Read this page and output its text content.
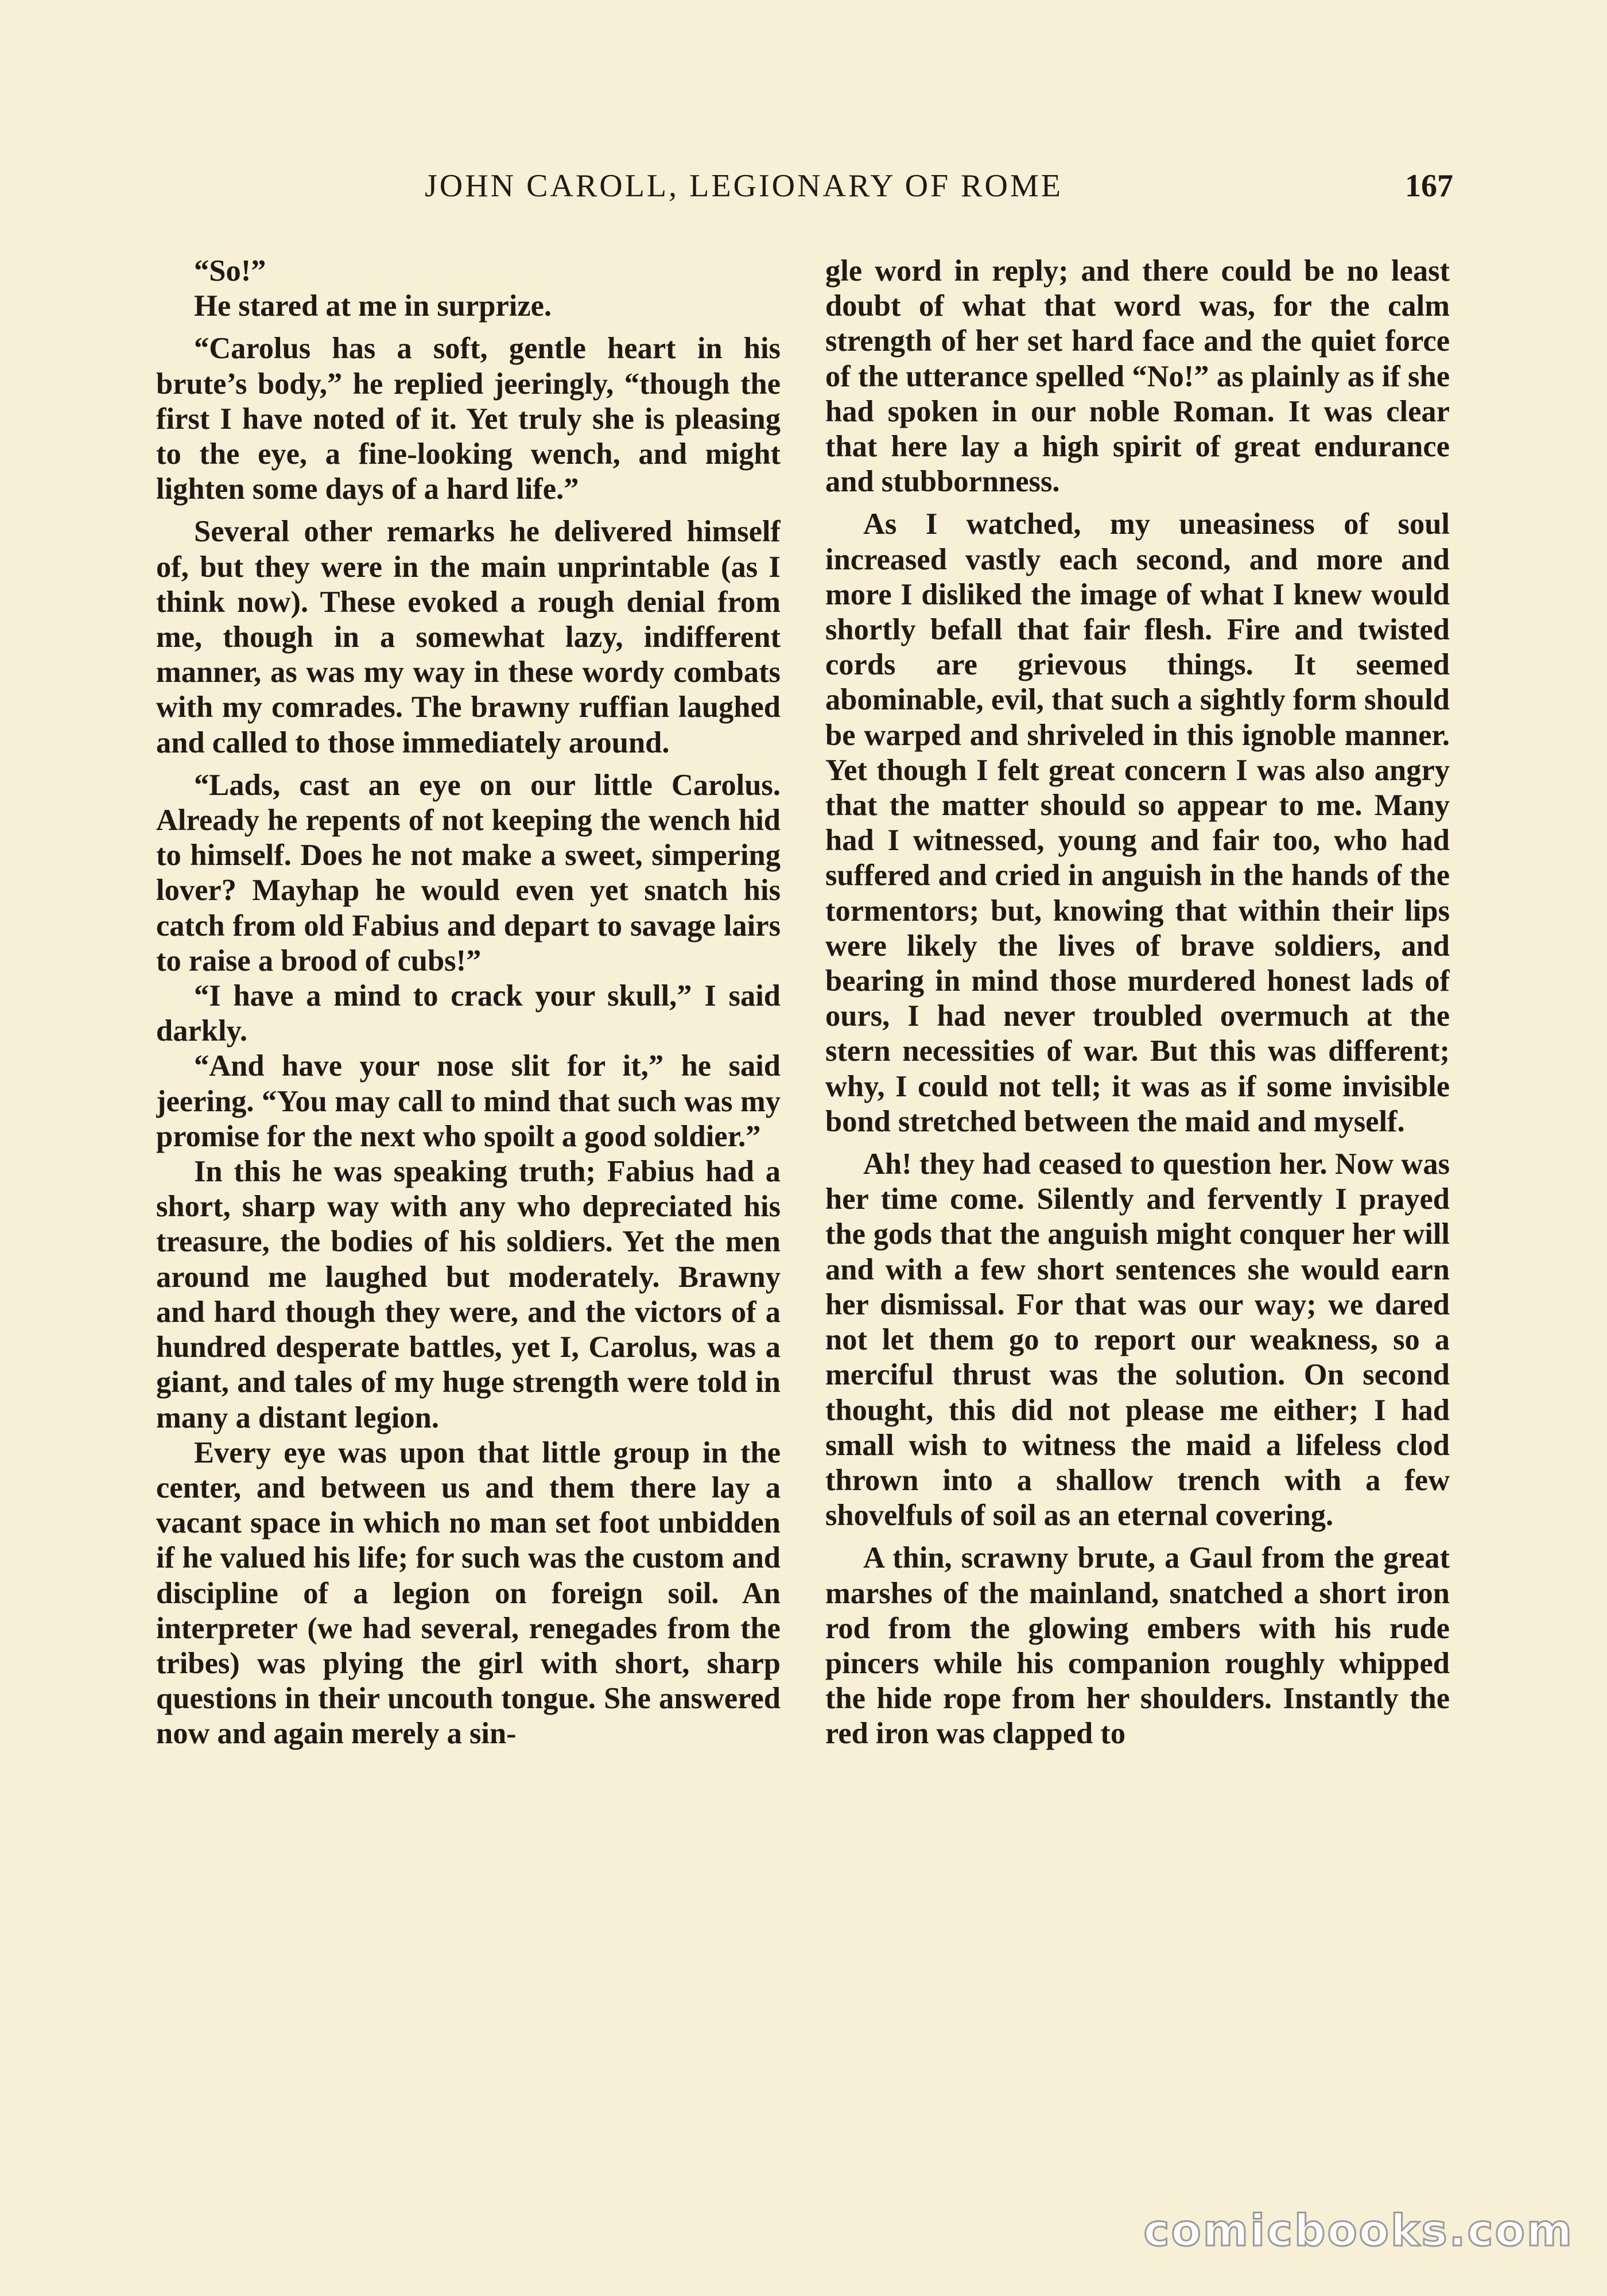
JOHN CAROLL, LEGIONARY OF ROME	167

“So!”

He stared at me in surprize.

“Carolus has a soft, gentle heart in his brute’s body,” he replied jeeringly, “though the first I have noted of it. Yet truly she is pleasing to the eye, a fine-looking wench, and might lighten some days of a hard life.”

Several other remarks he delivered himself of, but they were in the main unprintable (as I think now). These evoked a rough denial from me, though in a somewhat lazy, indifferent manner, as was my way in these wordy combats with my comrades. The brawny ruffian laughed and called to those immediately around.

“Lads, cast an eye on our little Carolus. Already he repents of not keeping the wench hid to himself. Does he not make a sweet, simpering lover? Mayhap he would even yet snatch his catch from old Fabius and depart to savage lairs to raise a brood of cubs!”

“I have a mind to crack your skull,” I said darkly.

“And have your nose slit for it,” he said jeering. “You may call to mind that such was my promise for the next who spoilt a good soldier.”

In this he was speaking truth; Fabius had a short, sharp way with any who depreciated his treasure, the bodies of his soldiers. Yet the men around me laughed but moderately. Brawny and hard though they were, and the victors of a hundred desperate battles, yet I, Carolus, was a giant, and tales of my huge strength were told in many a distant legion.

Every eye was upon that little group in the center, and between us and them there lay a vacant space in which no man set foot unbidden if he valued his life; for such was the custom and discipline of a legion on foreign soil. An interpreter (we had several, renegades from the tribes) was plying the girl with short, sharp questions in their uncouth tongue. She answered now and again merely a sin-

gle word in reply; and there could be no least doubt of what that word was, for the calm strength of her set hard face and the quiet force of the utterance spelled “No!” as plainly as if she had spoken in our noble Roman. It was clear that here lay a high spirit of great endurance and stubbornness.

As I watched, my uneasiness of soul increased vastly each second, and more and more I disliked the image of what I knew would shortly befall that fair flesh. Fire and twisted cords are grievous things. It seemed abominable, evil, that such a sightly form should be warped and shriveled in this ignoble manner. Yet though I felt great concern I was also angry that the matter should so appear to me. Many had I witnessed, young and fair too, who had suffered and cried in anguish in the hands of the tormentors; but, knowing that within their lips were likely the lives of brave soldiers, and bearing in mind those murdered honest lads of ours, I had never troubled overmuch at the stern necessities of war. But this was different; why, I could not tell; it was as if some invisible bond stretched between the maid and myself.

Ah! they had ceased to question her. Now was her time come. Silently and fervently I prayed the gods that the anguish might conquer her will and with a few short sentences she would earn her dismissal. For that was our way; we dared not let them go to report our weakness, so a merciful thrust was the solution. On second thought, this did not please me either; I had small wish to witness the maid a lifeless clod thrown into a shallow trench with a few shovelfuls of soil as an eternal covering.

A thin, scrawny brute, a Gaul from the great marshes of the mainland, snatched a short iron rod from the glowing embers with his rude pincers while his companion roughly whipped the hide rope from her shoulders. Instantly the red iron was clapped to

comicbooks.com
